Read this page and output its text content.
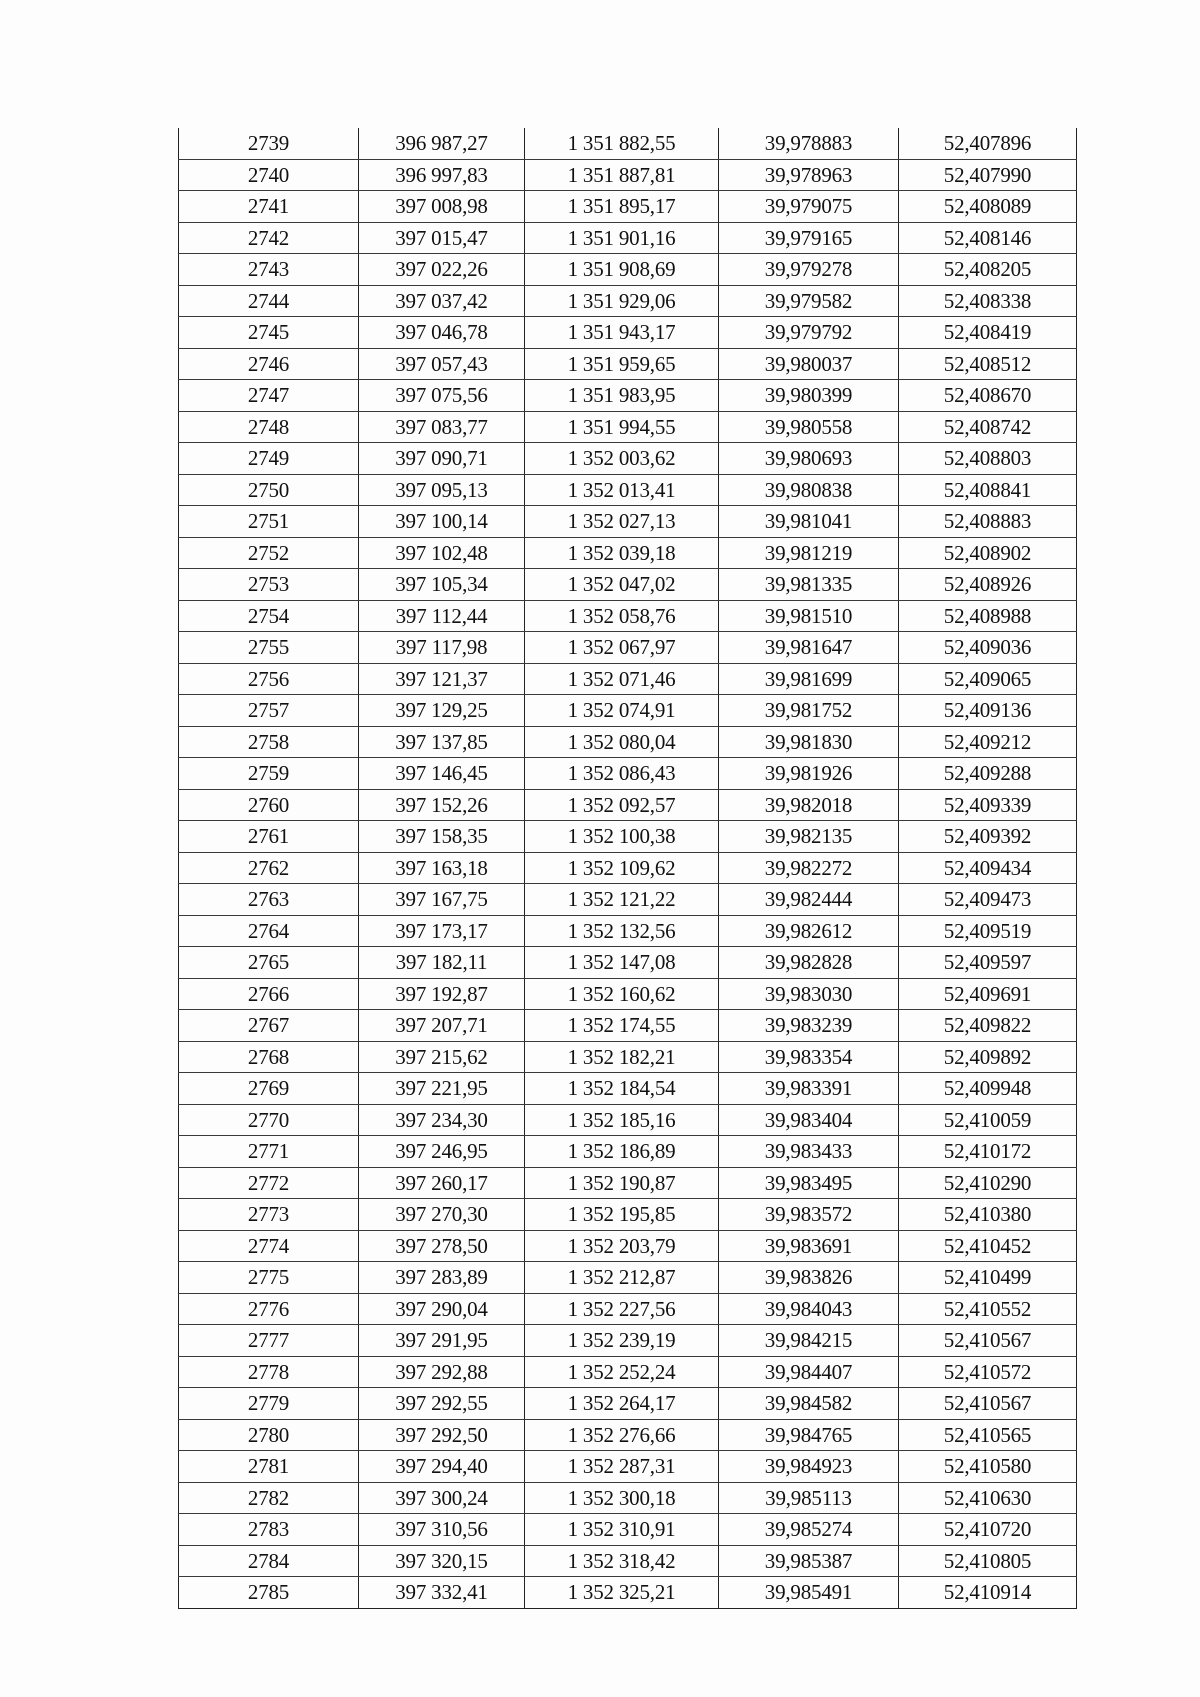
2739	396 987,27	1 351 882,55	39,978883	52,407896
2740	396 997,83	1 351 887,81	39,978963	52,407990
2741	397 008,98	1 351 895,17	39,979075	52,408089
2742	397 015,47	1 351 901,16	39,979165	52,408146
2743	397 022,26	1 351 908,69	39,979278	52,408205
2744	397 037,42	1 351 929,06	39,979582	52,408338
2745	397 046,78	1 351 943,17	39,979792	52,408419
2746	397 057,43	1 351 959,65	39,980037	52,408512
2747	397 075,56	1 351 983,95	39,980399	52,408670
2748	397 083,77	1 351 994,55	39,980558	52,408742
2749	397 090,71	1 352 003,62	39,980693	52,408803
2750	397 095,13	1 352 013,41	39,980838	52,408841
2751	397 100,14	1 352 027,13	39,981041	52,408883
2752	397 102,48	1 352 039,18	39,981219	52,408902
2753	397 105,34	1 352 047,02	39,981335	52,408926
2754	397 112,44	1 352 058,76	39,981510	52,408988
2755	397 117,98	1 352 067,97	39,981647	52,409036
2756	397 121,37	1 352 071,46	39,981699	52,409065
2757	397 129,25	1 352 074,91	39,981752	52,409136
2758	397 137,85	1 352 080,04	39,981830	52,409212
2759	397 146,45	1 352 086,43	39,981926	52,409288
2760	397 152,26	1 352 092,57	39,982018	52,409339
2761	397 158,35	1 352 100,38	39,982135	52,409392
2762	397 163,18	1 352 109,62	39,982272	52,409434
2763	397 167,75	1 352 121,22	39,982444	52,409473
2764	397 173,17	1 352 132,56	39,982612	52,409519
2765	397 182,11	1 352 147,08	39,982828	52,409597
2766	397 192,87	1 352 160,62	39,983030	52,409691
2767	397 207,71	1 352 174,55	39,983239	52,409822
2768	397 215,62	1 352 182,21	39,983354	52,409892
2769	397 221,95	1 352 184,54	39,983391	52,409948
2770	397 234,30	1 352 185,16	39,983404	52,410059
2771	397 246,95	1 352 186,89	39,983433	52,410172
2772	397 260,17	1 352 190,87	39,983495	52,410290
2773	397 270,30	1 352 195,85	39,983572	52,410380
2774	397 278,50	1 352 203,79	39,983691	52,410452
2775	397 283,89	1 352 212,87	39,983826	52,410499
2776	397 290,04	1 352 227,56	39,984043	52,410552
2777	397 291,95	1 352 239,19	39,984215	52,410567
2778	397 292,88	1 352 252,24	39,984407	52,410572
2779	397 292,55	1 352 264,17	39,984582	52,410567
2780	397 292,50	1 352 276,66	39,984765	52,410565
2781	397 294,40	1 352 287,31	39,984923	52,410580
2782	397 300,24	1 352 300,18	39,985113	52,410630
2783	397 310,56	1 352 310,91	39,985274	52,410720
2784	397 320,15	1 352 318,42	39,985387	52,410805
2785	397 332,41	1 352 325,21	39,985491	52,410914
